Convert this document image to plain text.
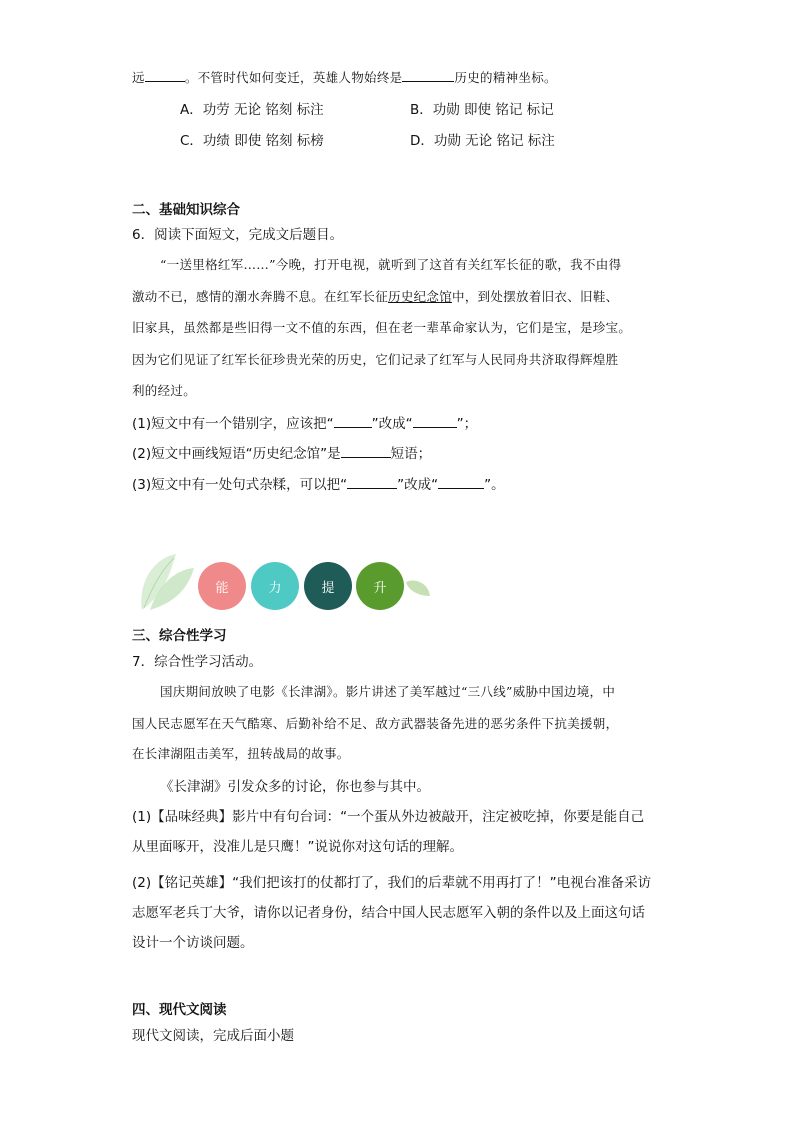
远	。不管时代如何变迁，英雄人物始终是	历史的精神坐标。
A．功劳 无论 铭刻 标注	B．功勋 即使 铭记 标记
C．功绩 即使 铭刻 标榜	D．功勋 无论 铭记 标注
二、基础知识综合
6．阅读下面短文，完成文后题目。
“一送里格红军……”今晚，打开电视，就听到了这首有关红军长征的歌，我不由得
激动不已，感情的潮水奔腾不息。在红军长征历史纪念馆中，到处摆放着旧衣、旧鞋、
旧家具，虽然都是些旧得一文不值的东西，但在老一辈革命家认为，它们是宝，是珍宝。
因为它们见证了红军长征珍贵光荣的历史，它们记录了红军与人民同舟共济取得辉煌胜
利的经过。
(1)短文中有一个错别字，应该把“	”改成“	”；
(2)短文中画线短语“历史纪念馆”是	短语；
(3)短文中有一处句式杂糅，可以把“	”改成“	”。
能	力	提	升
三、综合性学习
7．综合性学习活动。
国庆期间放映了电影《长津湖》。影片讲述了美军越过“三八线”威胁中国边境，中
国人民志愿军在天气酷寒、后勤补给不足、敌方武器装备先进的恶劣条件下抗美援朝，
在长津湖阻击美军，扭转战局的故事。
《长津湖》引发众多的讨论，你也参与其中。
(1)【品味经典】影片中有句台词：“一个蛋从外边被敲开，注定被吃掉，你要是能自己
从里面啄开，没准儿是只鹰！”说说你对这句话的理解。
(2)【铭记英雄】“我们把该打的仗都打了，我们的后辈就不用再打了！”电视台准备采访
志愿军老兵丁大爷，请你以记者身份，结合中国人民志愿军入朝的条件以及上面这句话
设计一个访谈问题。
四、现代文阅读
现代文阅读，完成后面小题
